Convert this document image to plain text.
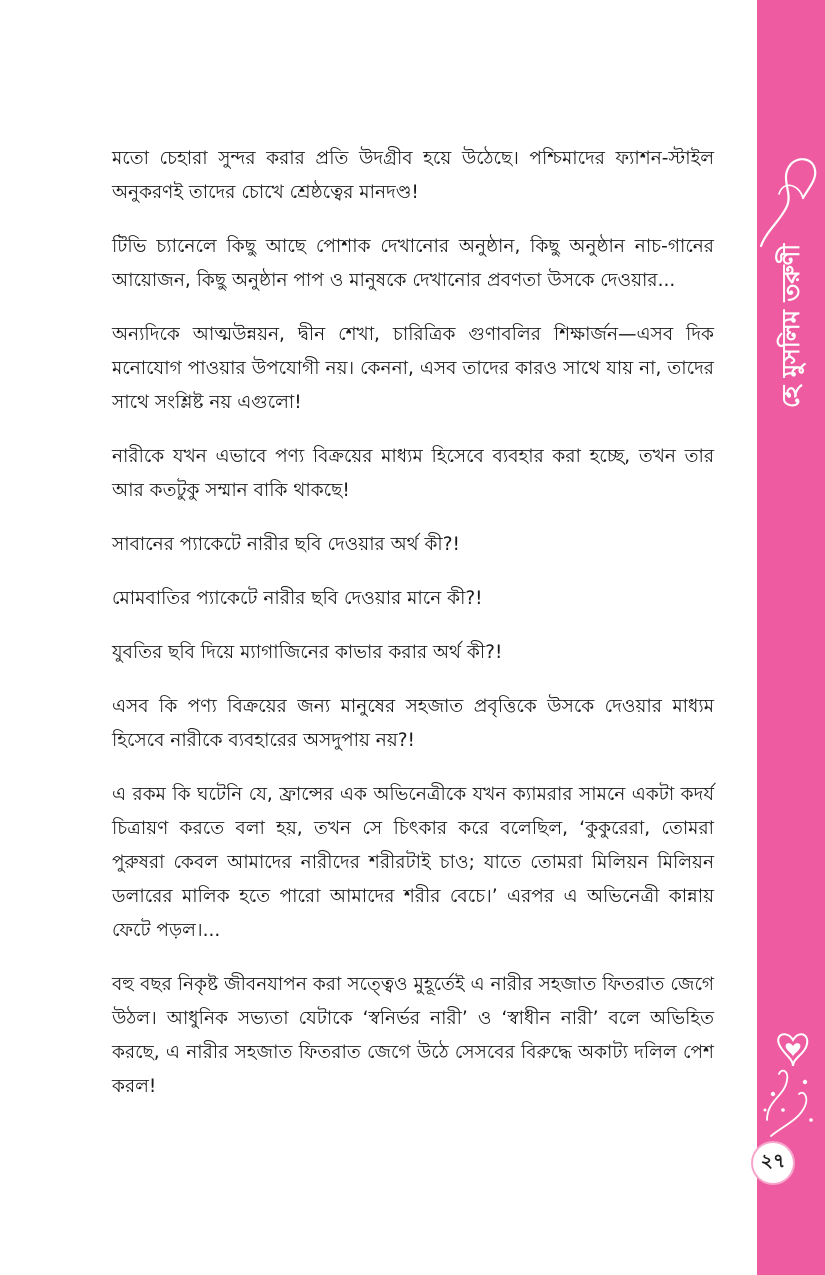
মতো চেহারা সুন্দর করার প্রতি উদগ্রীব হয়ে উঠেছে। পশ্চিমাদের ফ্যাশন-স্টাইল অনুকরণই তাদের চোখে শ্রেষ্ঠত্বের মানদণ্ড!

টিভি চ্যানেলে কিছু আছে পোশাক দেখানোর অনুষ্ঠান, কিছু অনুষ্ঠান নাচ-গানের আয়োজন, কিছু অনুষ্ঠান পাপ ও মানুষকে দেখানোর প্রবণতা উসকে দেওয়ার...

অন্যদিকে আত্মউন্নয়ন, দ্বীন শেখা, চারিত্রিক গুণাবলির শিক্ষার্জন—এসব দিক মনোযোগ পাওয়ার উপযোগী নয়। কেননা, এসব তাদের কারও সাথে যায় না, তাদের সাথে সংশ্লিষ্ট নয় এগুলো!

নারীকে যখন এভাবে পণ্য বিক্রয়ের মাধ্যম হিসেবে ব্যবহার করা হচ্ছে, তখন তার আর কতটুকু সম্মান বাকি থাকছে!

সাবানের প্যাকেটে নারীর ছবি দেওয়ার অর্থ কী?!

মোমবাতির প্যাকেটে নারীর ছবি দেওয়ার মানে কী?!

যুবতির ছবি দিয়ে ম্যাগাজিনের কাভার করার অর্থ কী?!

এসব কি পণ্য বিক্রয়ের জন্য মানুষের সহজাত প্রবৃত্তিকে উসকে দেওয়ার মাধ্যম হিসেবে নারীকে ব্যবহারের অসদুপায় নয়?!

এ রকম কি ঘটেনি যে, ফ্রান্সের এক অভিনেত্রীকে যখন ক্যামরার সামনে একটা কদর্য চিত্রায়ণ করতে বলা হয়, তখন সে চিৎকার করে বলেছিল, ‘কুকুরেরা, তোমরা পুরুষরা কেবল আমাদের নারীদের শরীরটাই চাও; যাতে তোমরা মিলিয়ন মিলিয়ন ডলারের মালিক হতে পারো আমাদের শরীর বেচে।’ এরপর এ অভিনেত্রী কান্নায় ফেটে পড়ল।...

বহু বছর নিকৃষ্ট জীবনযাপন করা সত্ত্বেও মুহূর্তেই এ নারীর সহজাত ফিতরাত জেগে উঠল। আধুনিক সভ্যতা যেটাকে ‘স্বনির্ভর নারী’ ও ‘স্বাধীন নারী’ বলে অভিহিত করছে, এ নারীর সহজাত ফিতরাত জেগে উঠে সেসবের বিরুদ্ধে অকাট্য দলিল পেশ করল!

হে মুসলিম তরুণী
২৭
